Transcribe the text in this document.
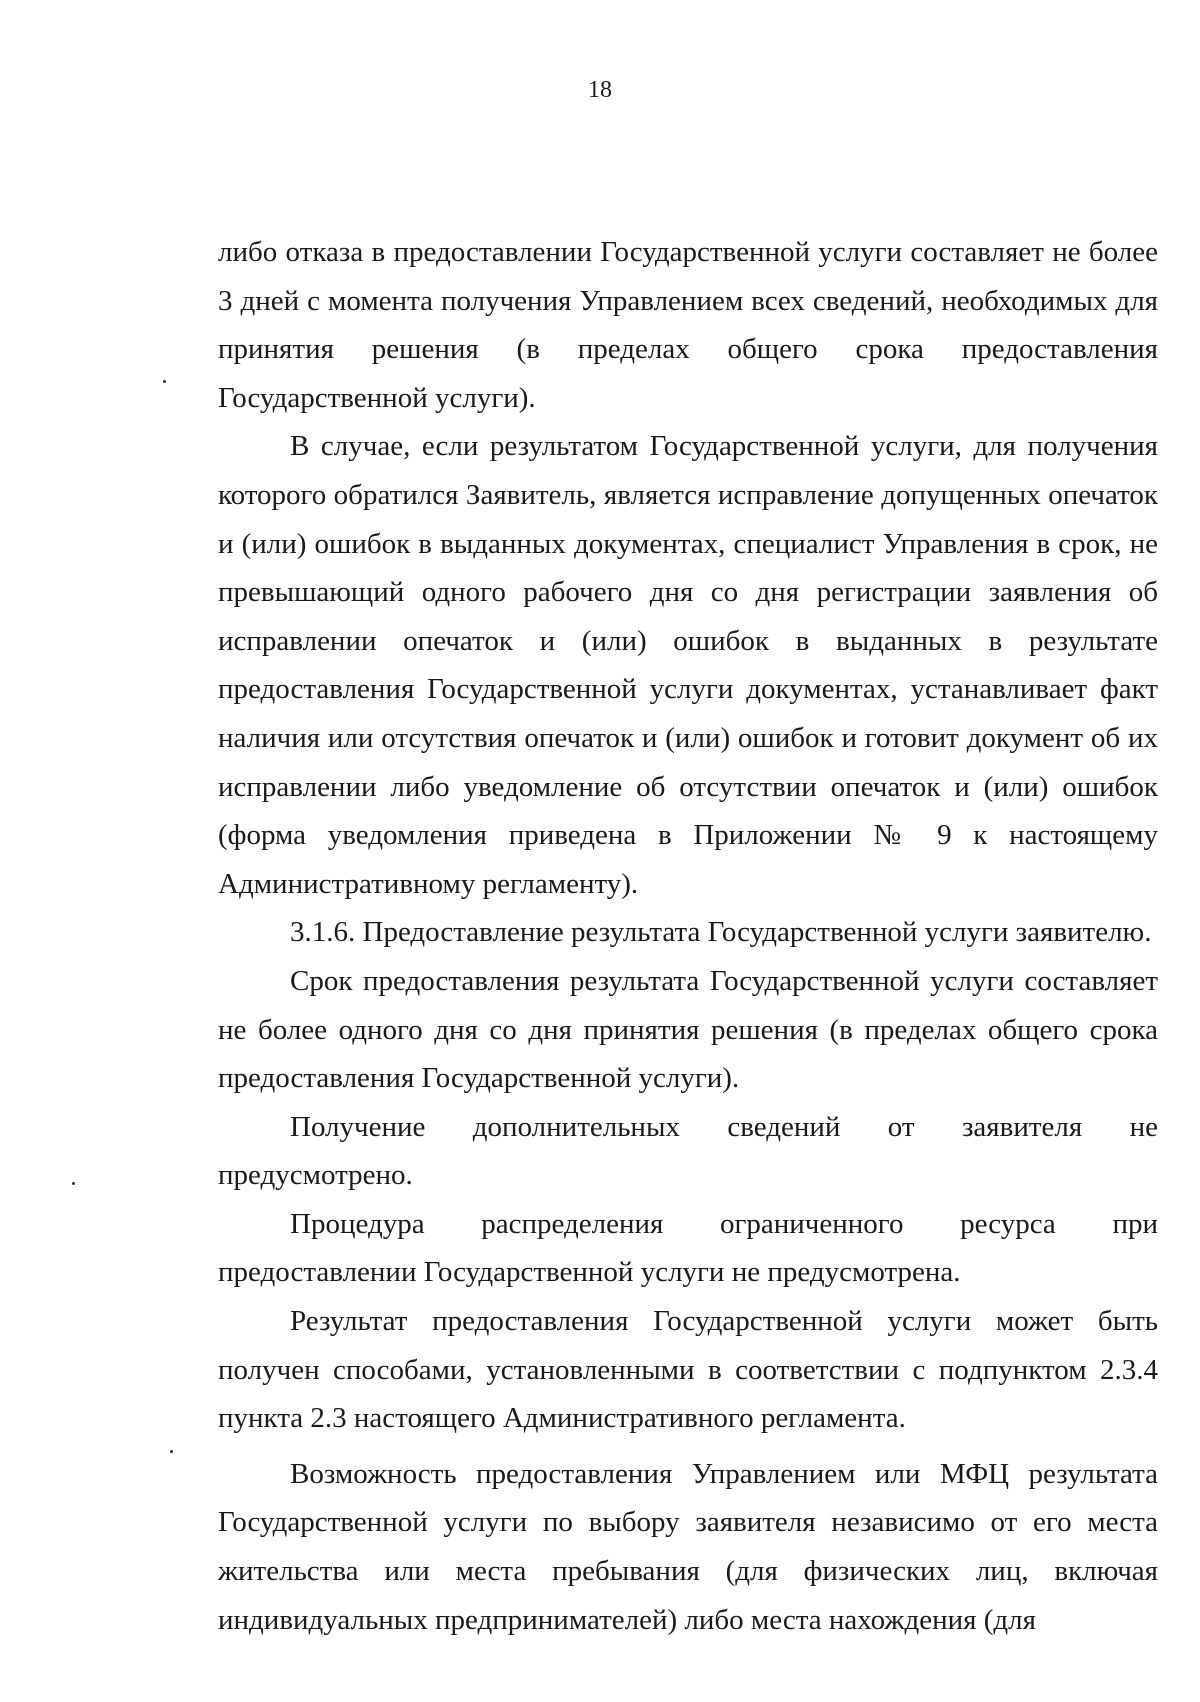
18

либо отказа в предоставлении Государственной услуги составляет не более 3 дней с момента получения Управлением всех сведений, необходимых для принятия решения (в пределах общего срока предоставления Государственной услуги).

В случае, если результатом Государственной услуги, для получения которого обратился Заявитель, является исправление допущенных опечаток и (или) ошибок в выданных документах, специалист Управления в срок, не превышающий одного рабочего дня со дня регистрации заявления об исправлении опечаток и (или) ошибок в выданных в результате предоставления Государственной услуги документах, устанавливает факт наличия или отсутствия опечаток и (или) ошибок и готовит документ об их исправлении либо уведомление об отсутствии опечаток и (или) ошибок (форма уведомления приведена в Приложении № 9 к настоящему Административному регламенту).

3.1.6. Предоставление результата Государственной услуги заявителю.

Срок предоставления результата Государственной услуги составляет не более одного дня со дня принятия решения (в пределах общего срока предоставления Государственной услуги).

Получение дополнительных сведений от заявителя не предусмотрено.

Процедура распределения ограниченного ресурса при предоставлении Государственной услуги не предусмотрена.

Результат предоставления Государственной услуги может быть получен способами, установленными в соответствии с подпунктом 2.3.4 пункта 2.3 настоящего Административного регламента.

Возможность предоставления Управлением или МФЦ результата Государственной услуги по выбору заявителя независимо от его места жительства или места пребывания (для физических лиц, включая индивидуальных предпринимателей) либо места нахождения (для
